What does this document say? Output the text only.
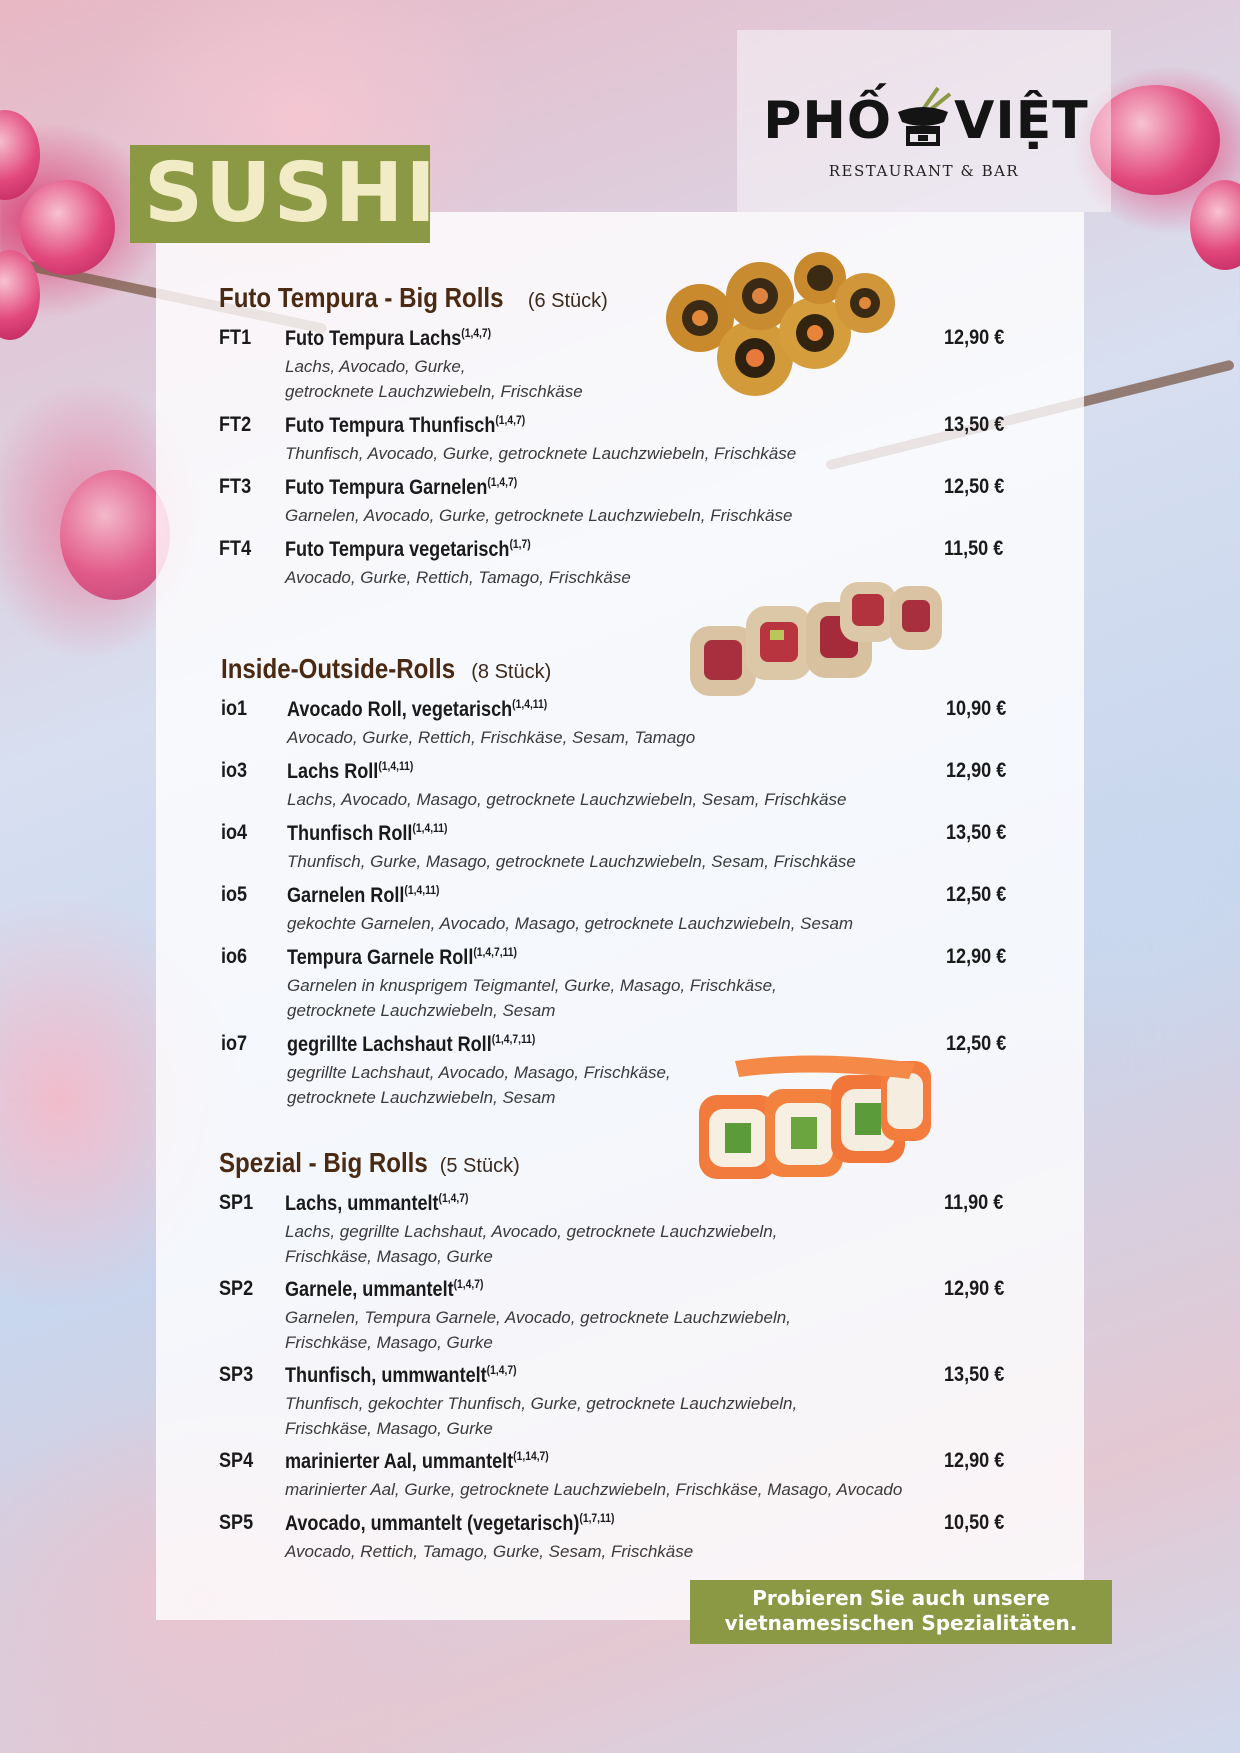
PHỐ VIỆT
RESTAURANT & BAR
SUSHI
Futo Tempura - Big Rolls (6 Stück)
FT1 Futo Tempura Lachs$^{(1,4,7)}$	12,90 €
Lachs, Avocado, Gurke,
getrocknete Lauchzwiebeln, Frischkäse
FT2 Futo Tempura Thunfisch$^{(1,4,7)}$	13,50 €
Thunfisch, Avocado, Gurke, getrocknete Lauchzwiebeln, Frischkäse
FT3 Futo Tempura Garnelen$^{(1,4,7)}$	12,50 €
Garnelen, Avocado, Gurke, getrocknete Lauchzwiebeln, Frischkäse
FT4 Futo Tempura vegetarisch$^{(1,7)}$	11,50 €
Avocado, Gurke, Rettich, Tamago, Frischkäse
Inside-Outside-Rolls (8 Stück)
io1 Avocado Roll, vegetarisch$^{(1,4,11)}$	10,90 €
Avocado, Gurke, Rettich, Frischkäse, Sesam, Tamago
io3 Lachs Roll$^{(1,4,11)}$	12,90 €
Lachs, Avocado, Masago, getrocknete Lauchzwiebeln, Sesam, Frischkäse
io4 Thunfisch Roll$^{(1,4,11)}$	13,50 €
Thunfisch, Gurke, Masago, getrocknete Lauchzwiebeln, Sesam, Frischkäse
io5 Garnelen Roll$^{(1,4,11)}$	12,50 €
gekochte Garnelen, Avocado, Masago, getrocknete Lauchzwiebeln, Sesam
io6 Tempura Garnele Roll$^{(1,4,7,11)}$	12,90 €
Garnelen in knusprigem Teigmantel, Gurke, Masago, Frischkäse,
getrocknete Lauchzwiebeln, Sesam
io7 gegrillte Lachshaut Roll$^{(1,4,7,11)}$	12,50 €
gegrillte Lachshaut, Avocado, Masago, Frischkäse,
getrocknete Lauchzwiebeln, Sesam
Spezial - Big Rolls (5 Stück)
SP1 Lachs, ummantelt$^{(1,4,7)}$	11,90 €
Lachs, gegrillte Lachshaut, Avocado, getrocknete Lauchzwiebeln,
Frischkäse, Masago, Gurke
SP2 Garnele, ummantelt$^{(1,4,7)}$	12,90 €
Garnelen, Tempura Garnele, Avocado, getrocknete Lauchzwiebeln,
Frischkäse, Masago, Gurke
SP3 Thunfisch, ummwantelt$^{(1,4,7)}$	13,50 €
Thunfisch, gekochter Thunfisch, Gurke, getrocknete Lauchzwiebeln,
Frischkäse, Masago, Gurke
SP4 marinierter Aal, ummantelt$^{(1,14,7)}$	12,90 €
marinierter Aal, Gurke, getrocknete Lauchzwiebeln, Frischkäse, Masago, Avocado
SP5 Avocado, ummantelt (vegetarisch)$^{(1,7,11)}$	10,50 €
Avocado, Rettich, Tamago, Gurke, Sesam, Frischkäse
Probieren Sie auch unsere
vietnamesischen Spezialitäten.
